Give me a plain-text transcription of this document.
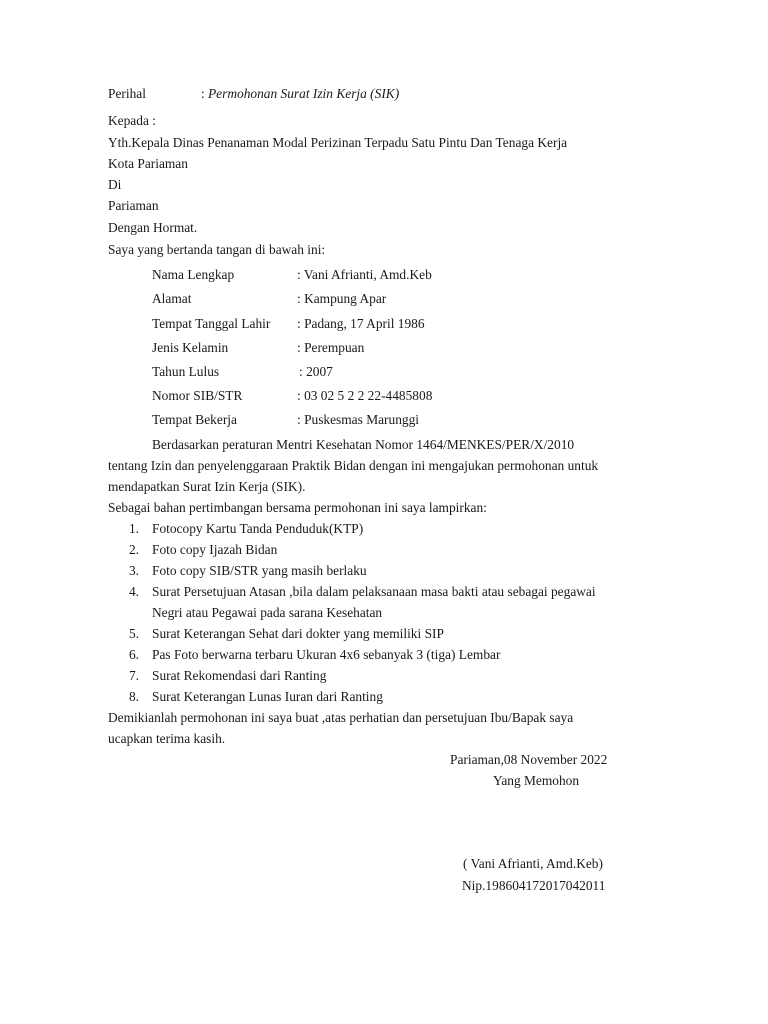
Perihal	: Permohonan Surat Izin Kerja (SIK)
Kepada :
Yth.Kepala Dinas Penanaman Modal Perizinan Terpadu Satu Pintu Dan Tenaga Kerja
Kota Pariaman
Di
Pariaman
Dengan Hormat.
Saya yang bertanda tangan di bawah ini:
Nama Lengkap	: Vani Afrianti, Amd.Keb
Alamat	: Kampung Apar
Tempat Tanggal Lahir : Padang, 17 April 1986
Jenis Kelamin	: Perempuan
Tahun Lulus	: 2007
Nomor SIB/STR	: 03 02 5 2 2 22-4485808
Tempat Bekerja	: Puskesmas Marunggi
Berdasarkan peraturan Mentri Kesehatan Nomor 1464/MENKES/PER/X/2010
tentang Izin dan penyelenggaraan Praktik Bidan dengan ini mengajukan permohonan untuk
mendapatkan Surat Izin Kerja (SIK).
Sebagai bahan pertimbangan bersama permohonan ini saya lampirkan:
1. Fotocopy Kartu Tanda Penduduk(KTP)
2. Foto copy Ijazah Bidan
3. Foto copy SIB/STR yang masih berlaku
4. Surat Persetujuan Atasan ,bila dalam pelaksanaan masa bakti atau sebagai pegawai
Negri atau Pegawai pada sarana Kesehatan
5. Surat Keterangan Sehat dari dokter yang memiliki SIP
6. Pas Foto berwarna terbaru Ukuran 4x6 sebanyak 3 (tiga) Lembar
7. Surat Rekomendasi dari Ranting
8. Surat Keterangan Lunas Iuran dari Ranting
Demikianlah permohonan ini saya buat ,atas perhatian dan persetujuan Ibu/Bapak saya
ucapkan terima kasih.
Pariaman,08 November 2022
Yang Memohon
( Vani Afrianti, Amd.Keb)
Nip.198604172017042011
